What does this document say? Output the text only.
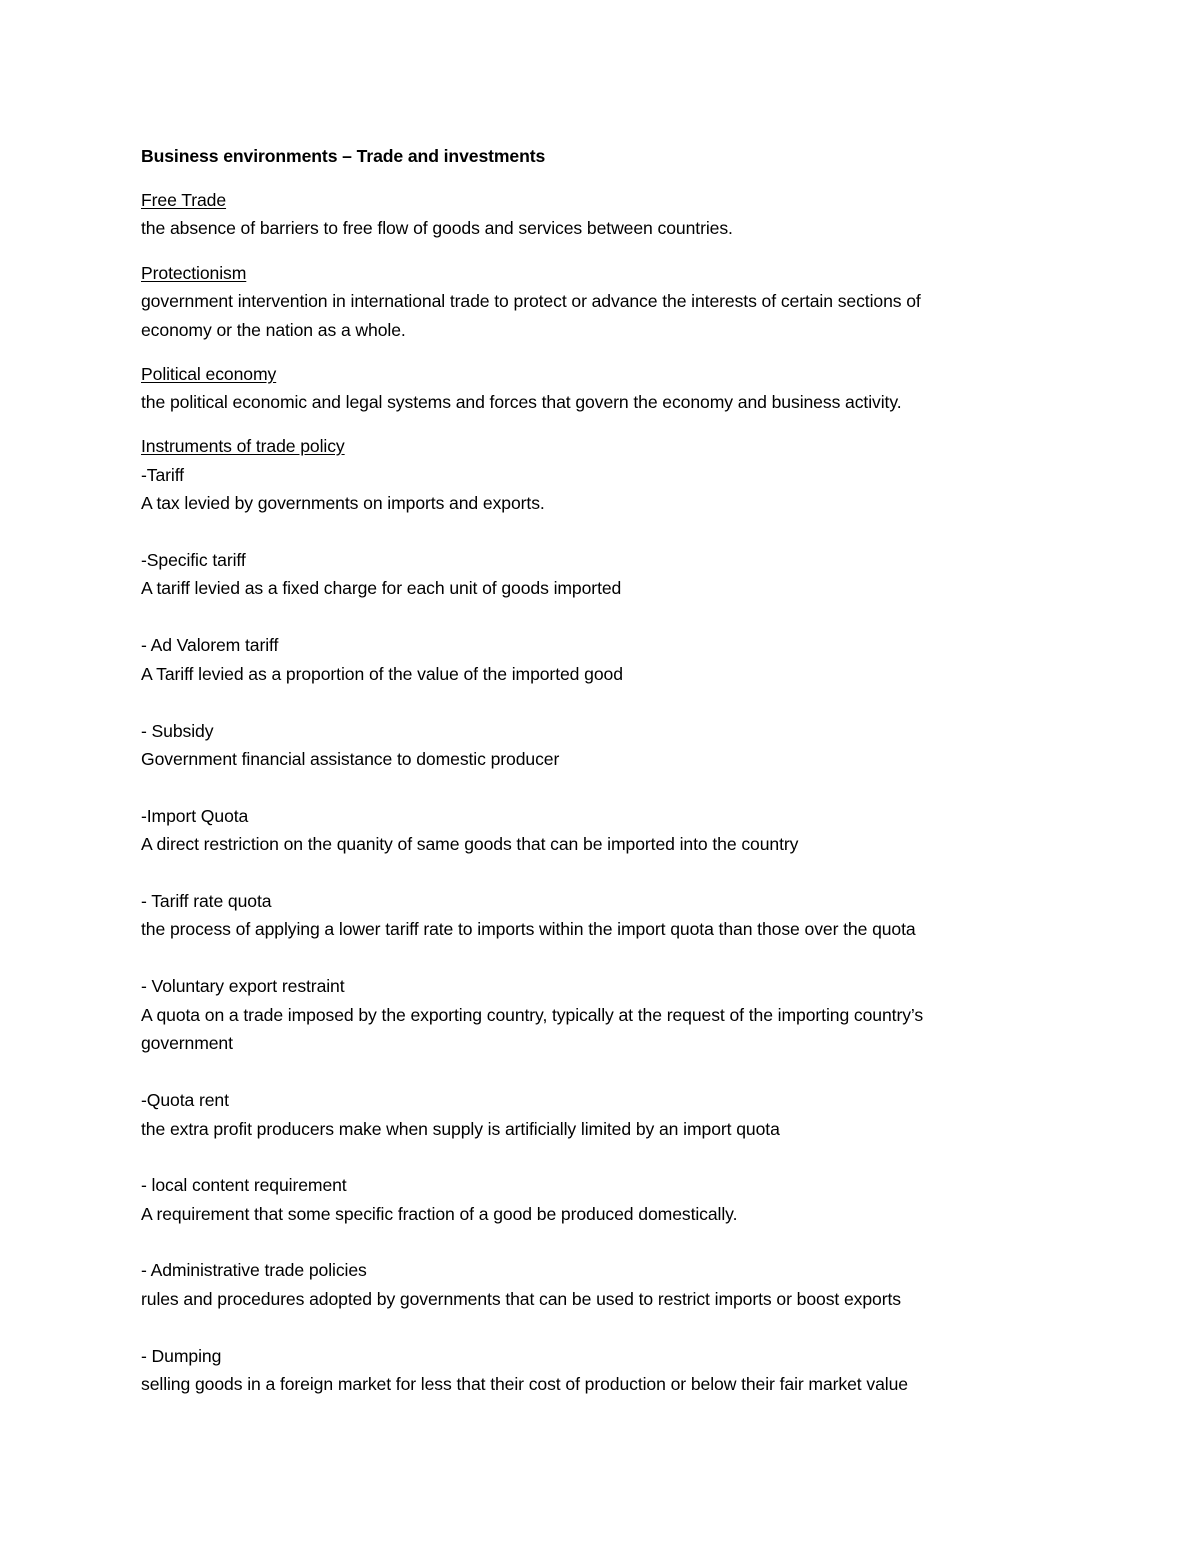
Business environments – Trade and investments
Free Trade
the absence of barriers to free flow of goods and services between countries.
Protectionism
government intervention in international trade to protect or advance the interests of certain sections of
economy or the nation as a whole.
Political economy
the political economic and legal systems and forces that govern the economy and business activity.
Instruments of trade policy
-Tariff
A tax levied by governments on imports and exports.
-Specific tariff
A tariff levied as a fixed charge for each unit of goods imported
- Ad Valorem tariff
A Tariff levied as a proportion of the value of the imported good
- Subsidy
Government financial assistance to domestic producer
-Import Quota
A direct restriction on the quanity of same goods that can be imported into the country
- Tariff rate quota
the process of applying a lower tariff rate to imports within the import quota than those over the quota
- Voluntary export restraint
A quota on a trade imposed by the exporting country, typically at the request of the importing country’s
government
-Quota rent
the extra profit producers make when supply is artificially limited by an import quota
- local content requirement
A requirement that some specific fraction of a good be produced domestically.
- Administrative trade policies
rules and procedures adopted by governments that can be used to restrict imports or boost exports
- Dumping
selling goods in a foreign market for less that their cost of production or below their fair market value
